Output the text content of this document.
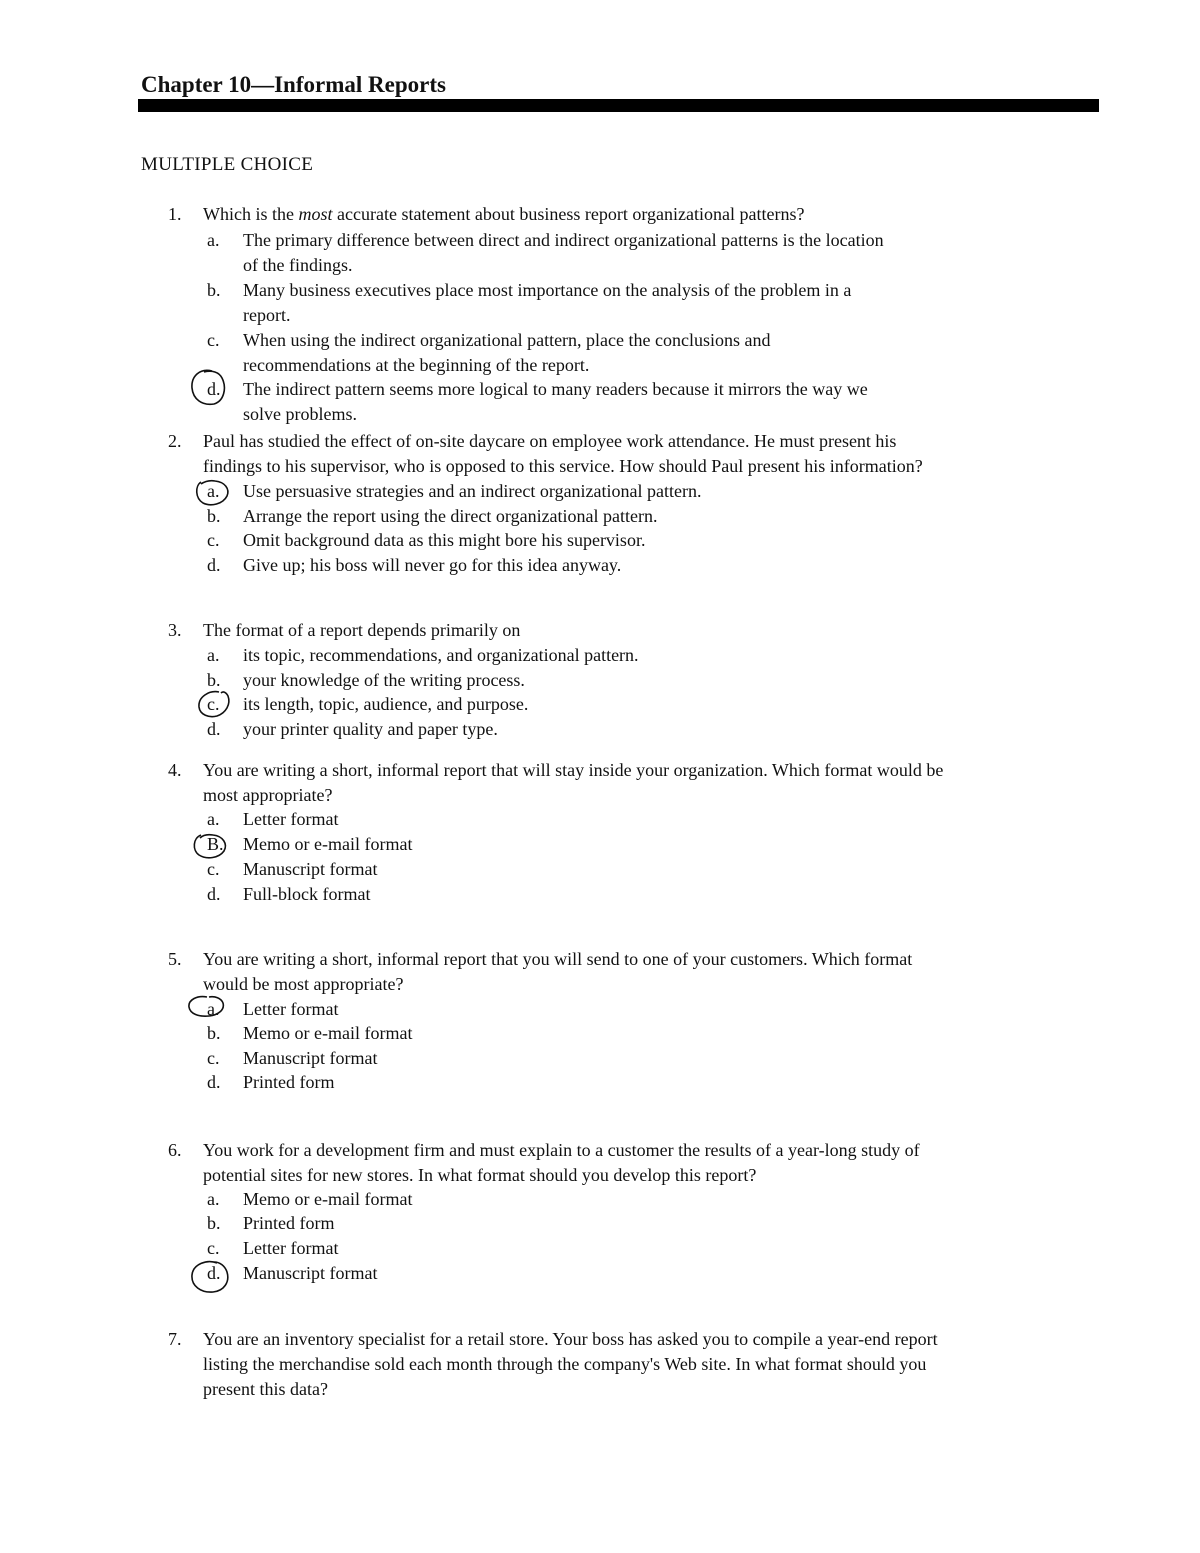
Chapter 10—Informal Reports
MULTIPLE CHOICE
1.	Which is the most accurate statement about business report organizational patterns?
a.	The primary difference between direct and indirect organizational patterns is the location
of the findings.
b.	Many business executives place most importance on the analysis of the problem in a
report.
c.	When using the indirect organizational pattern, place the conclusions and
recommendations at the beginning of the report.
d.	The indirect pattern seems more logical to many readers because it mirrors the way we
solve problems.
2.	Paul has studied the effect of on-site daycare on employee work attendance. He must present his
findings to his supervisor, who is opposed to this service. How should Paul present his information?
a.	Use persuasive strategies and an indirect organizational pattern.
b.	Arrange the report using the direct organizational pattern.
c.	Omit background data as this might bore his supervisor.
d.	Give up; his boss will never go for this idea anyway.
3.	The format of a report depends primarily on
a.	its topic, recommendations, and organizational pattern.
b.	your knowledge of the writing process.
c.	its length, topic, audience, and purpose.
d.	your printer quality and paper type.
4.	You are writing a short, informal report that will stay inside your organization. Which format would be
most appropriate?
a.	Letter format
B.	Memo or e-mail format
c.	Manuscript format
d.	Full-block format
5.	You are writing a short, informal report that you will send to one of your customers. Which format
would be most appropriate?
a.	Letter format
b.	Memo or e-mail format
c.	Manuscript format
d.	Printed form
6.	You work for a development firm and must explain to a customer the results of a year-long study of
potential sites for new stores. In what format should you develop this report?
a.	Memo or e-mail format
b.	Printed form
c.	Letter format
d.	Manuscript format
7.	You are an inventory specialist for a retail store. Your boss has asked you to compile a year-end report
listing the merchandise sold each month through the company's Web site. In what format should you
present this data?
